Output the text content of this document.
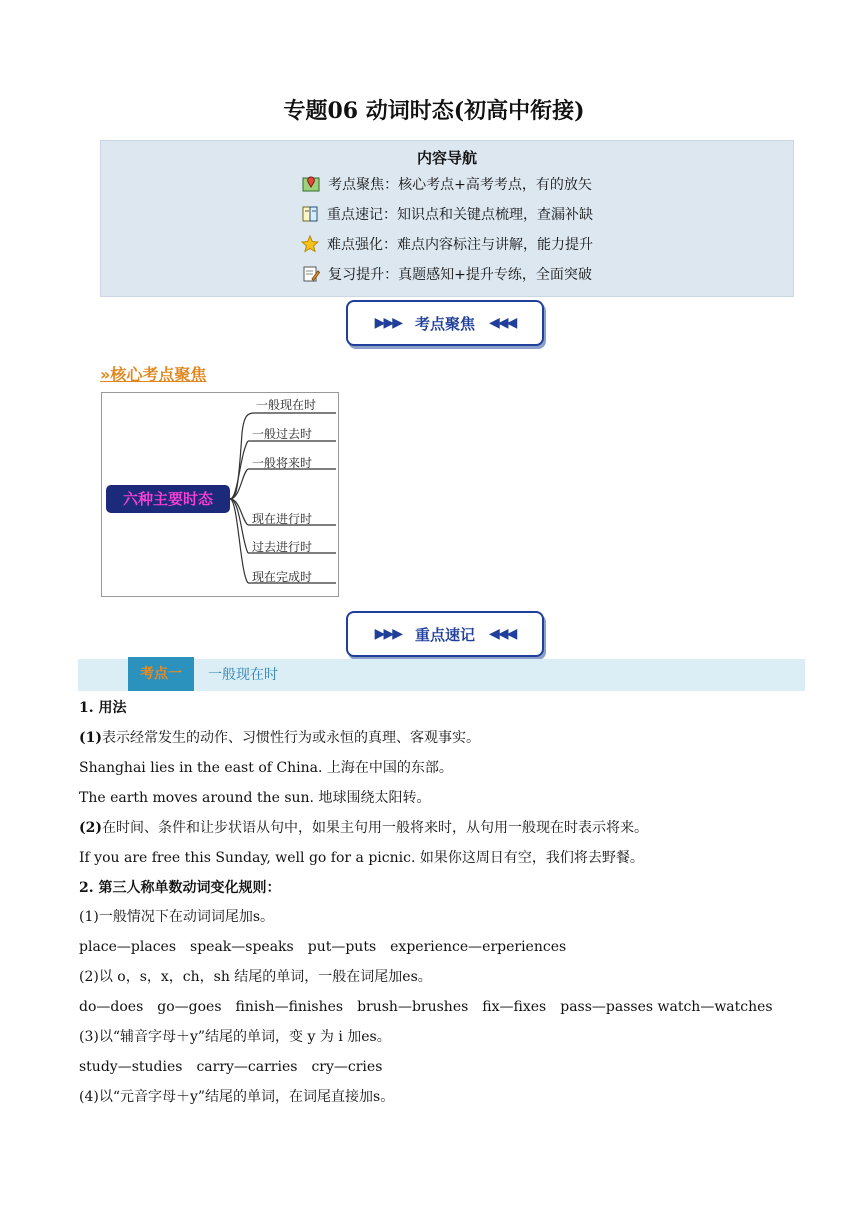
专题06 动词时态(初高中衔接)
内容导航
考点聚焦：核心考点+高考考点，有的放矢
重点速记：知识点和关键点梳理，查漏补缺
难点强化：难点内容标注与讲解，能力提升
复习提升：真题感知+提升专练，全面突破
▶▶▶ 考点聚焦 ◀◀◀
»核心考点聚焦
六种主要时态
一般现在时
一般过去时
一般将来时
现在进行时
过去进行时
现在完成时
▶▶▶ 重点速记 ◀◀◀
考点一	一般现在时
1. 用法
(1)表示经常发生的动作、习惯性行为或永恒的真理、客观事实。
Shanghai lies in the east of China. 上海在中国的东部。
The earth moves around the sun. 地球围绕太阳转。
(2)在时间、条件和让步状语从句中，如果主句用一般将来时，从句用一般现在时表示将来。
If you are free this Sunday, well go for a picnic. 如果你这周日有空，我们将去野餐。
2. 第三人称单数动词变化规则：
(1)一般情况下在动词词尾加s。
place—places speak—speaks put—puts experience—erperiences
(2)以 o，s，x，ch，sh 结尾的单词，一般在词尾加es。
do—does go—goes finish—finishes brush—brushes fix—fixes pass—passes watch—watches
(3)以“辅音字母＋y”结尾的单词，变 y 为 i 加es。
study—studies carry—carries cry—cries
(4)以“元音字母＋y”结尾的单词，在词尾直接加s。
